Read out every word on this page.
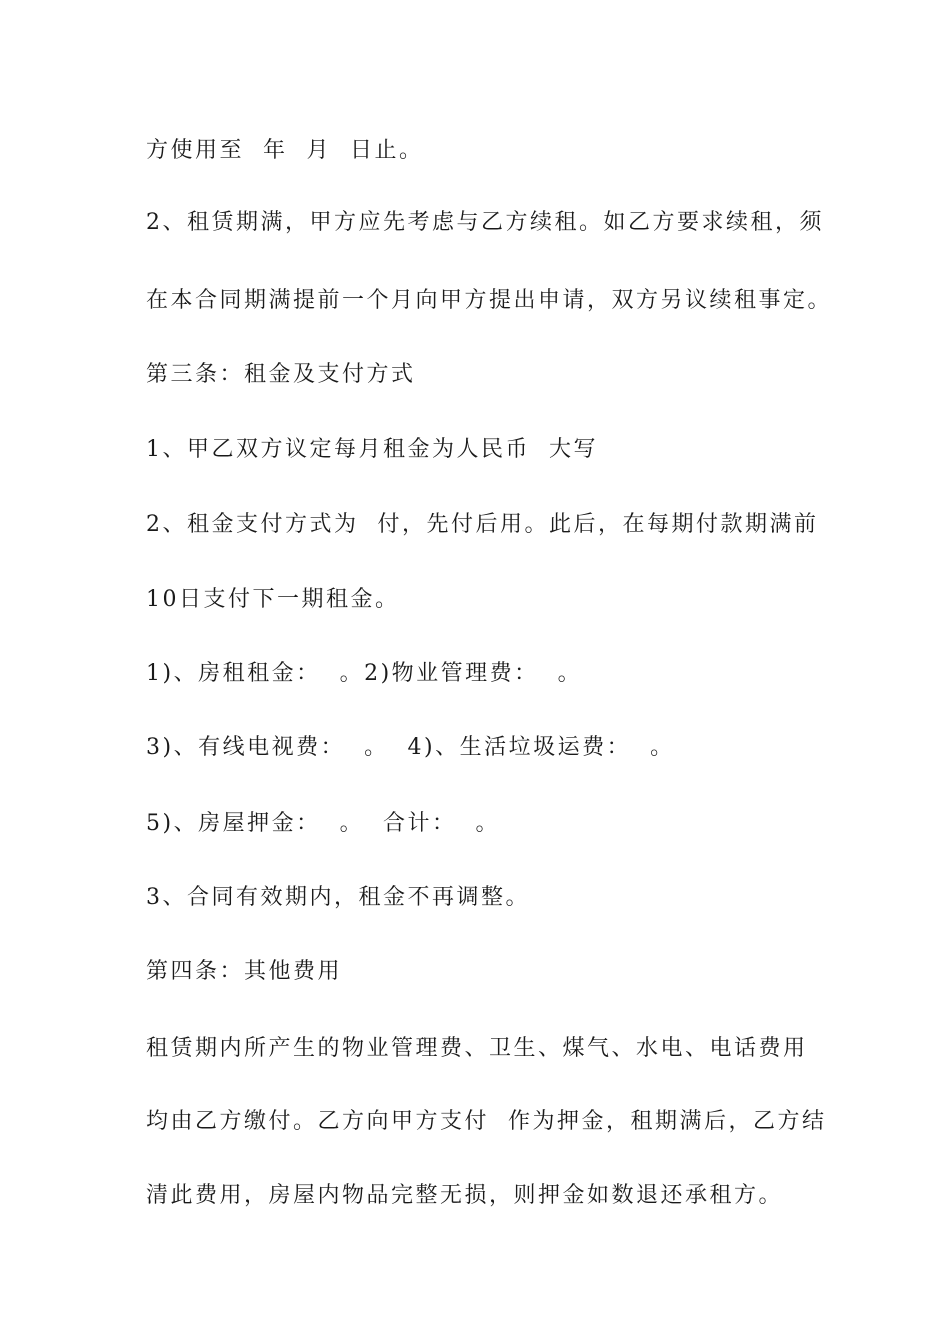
方使用至  年  月  日止。
2、租赁期满，甲方应先考虑与乙方续租。如乙方要求续租，须
在本合同期满提前一个月向甲方提出申请，双方另议续租事定。
第三条：租金及支付方式
1、甲乙双方议定每月租金为人民币  大写
2、租金支付方式为  付，先付后用。此后，在每期付款期满前
10日支付下一期租金。
1)、房租租金：  。2)物业管理费：  。
3)、有线电视费：  。  4)、生活垃圾运费：  。
5)、房屋押金：  。  合计：  。
3、合同有效期内，租金不再调整。
第四条：其他费用
租赁期内所产生的物业管理费、卫生、煤气、水电、电话费用
均由乙方缴付。乙方向甲方支付  作为押金，租期满后，乙方结
清此费用，房屋内物品完整无损，则押金如数退还承租方。
